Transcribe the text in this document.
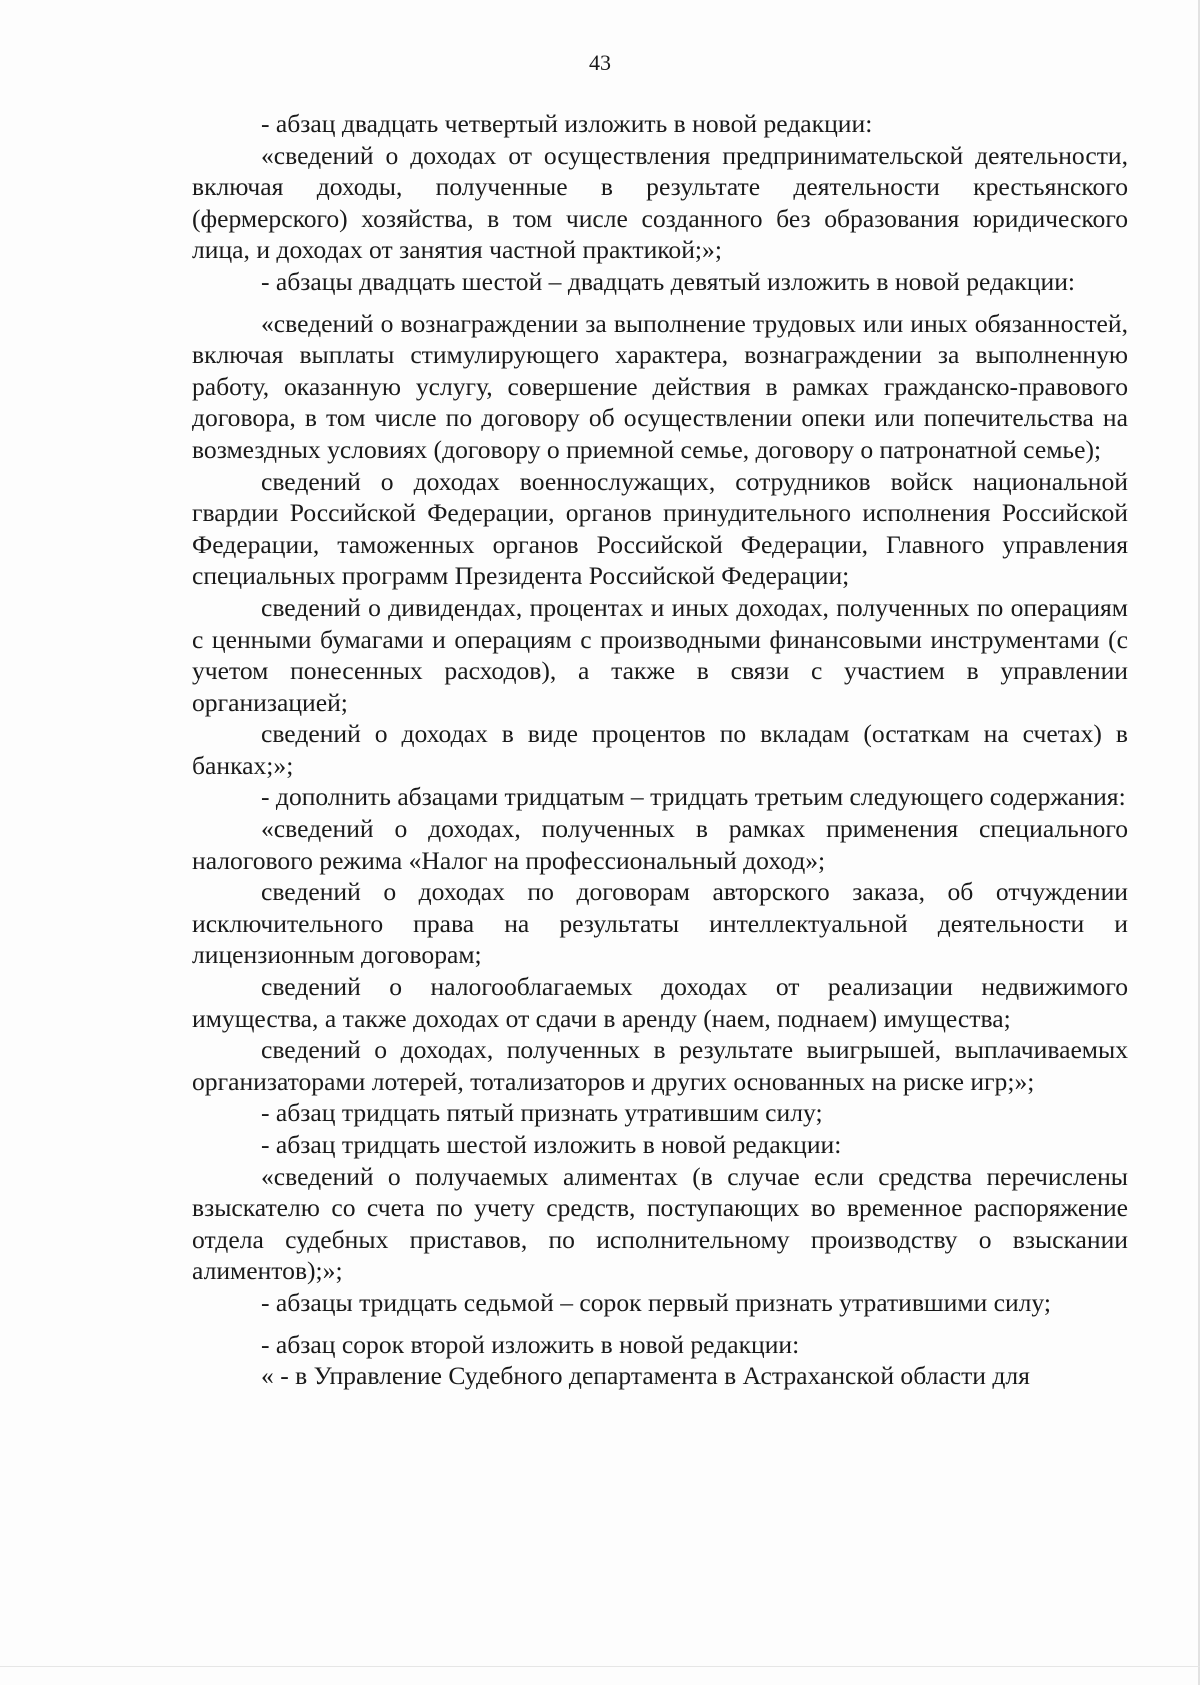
43

- абзац двадцать четвертый изложить в новой редакции:

«сведений о доходах от осуществления предпринимательской деятельности, включая доходы, полученные в результате деятельности крестьянского (фермерского) хозяйства, в том числе созданного без образования юридического лица, и доходах от занятия частной практикой;»;

- абзацы двадцать шестой – двадцать девятый изложить в новой редакции:

«сведений о вознаграждении за выполнение трудовых или иных обязанностей, включая выплаты стимулирующего характера, вознаграждении за выполненную работу, оказанную услугу, совершение действия в рамках гражданско-правового договора, в том числе по договору об осуществлении опеки или попечительства на возмездных условиях (договору о приемной семье, договору о патронатной семье);

сведений о доходах военнослужащих, сотрудников войск национальной гвардии Российской Федерации, органов принудительного исполнения Российской Федерации, таможенных органов Российской Федерации, Главного управления специальных программ Президента Российской Федерации;

сведений о дивидендах, процентах и иных доходах, полученных по операциям с ценными бумагами и операциям с производными финансовыми инструментами (с учетом понесенных расходов), а также в связи с участием в управлении организацией;

сведений о доходах в виде процентов по вкладам (остаткам на счетах) в банках;»;

- дополнить абзацами тридцатым – тридцать третьим следующего содержания:

«сведений о доходах, полученных в рамках применения специального налогового режима «Налог на профессиональный доход»;

сведений о доходах по договорам авторского заказа, об отчуждении исключительного права на результаты интеллектуальной деятельности и лицензионным договорам;

сведений о налогооблагаемых доходах от реализации недвижимого имущества, а также доходах от сдачи в аренду (наем, поднаем) имущества;

сведений о доходах, полученных в результате выигрышей, выплачиваемых организаторами лотерей, тотализаторов и других основанных на риске игр;»;

- абзац тридцать пятый признать утратившим силу;

- абзац тридцать шестой изложить в новой редакции:

«сведений о получаемых алиментах (в случае если средства перечислены взыскателю со счета по учету средств, поступающих во временное распоряжение отдела судебных приставов, по исполнительному производству о взыскании алиментов);»;

- абзацы тридцать седьмой – сорок первый признать утратившими силу;

- абзац сорок второй изложить в новой редакции:

« - в Управление Судебного департамента в Астраханской области для
